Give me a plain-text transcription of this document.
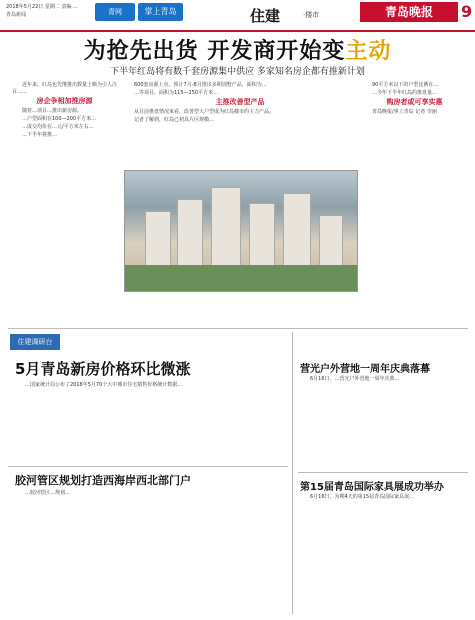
2018年5月22日 星期二 责编 ...
青岛新闻	青网	掌上青岛	住建	·楼市	青岛晚报	9
为抢先出货 开发商开始变主动
下半年红岛将有数千套房源集中供应 多家知名房企都有推新计划

近年来，红岛也先继推出数量上颇为引人注目……

房企争相加推房源

随着…项目…推出新房源。

…户型面积在100—200平方米…

…成交均价在…元/平方米左右…

…下半年将推…

600套房源上市。预计7月-8月推出多期别墅产品，面积为…

…等项目，面积为115—150平方米…

主推改善型产品

从目前推盘情况来看，改善型大户型成为红岛楼市的主力产品。

记者了解到，红岛已初具片区规模…

90平方米以下的户型比例在…

…今年下半年红岛的推盘量…

购房者或可享实惠

青岛晚报/掌上青岛 记者 李丽

住建调研台
5月青岛新房价格环比微涨

…国家统计局公布了2018年5月70个大中城市住宅销售价格统计数据…

胶河管区规划打造西海岸西北部门户

…胶河管区…规划…

营光户外营地一周年庆典落幕

6月16日，…营光户外营地一周年庆典…

第15届青岛国际家具展成功举办

6月16日，为期4天的第15届青岛国际家具展…
